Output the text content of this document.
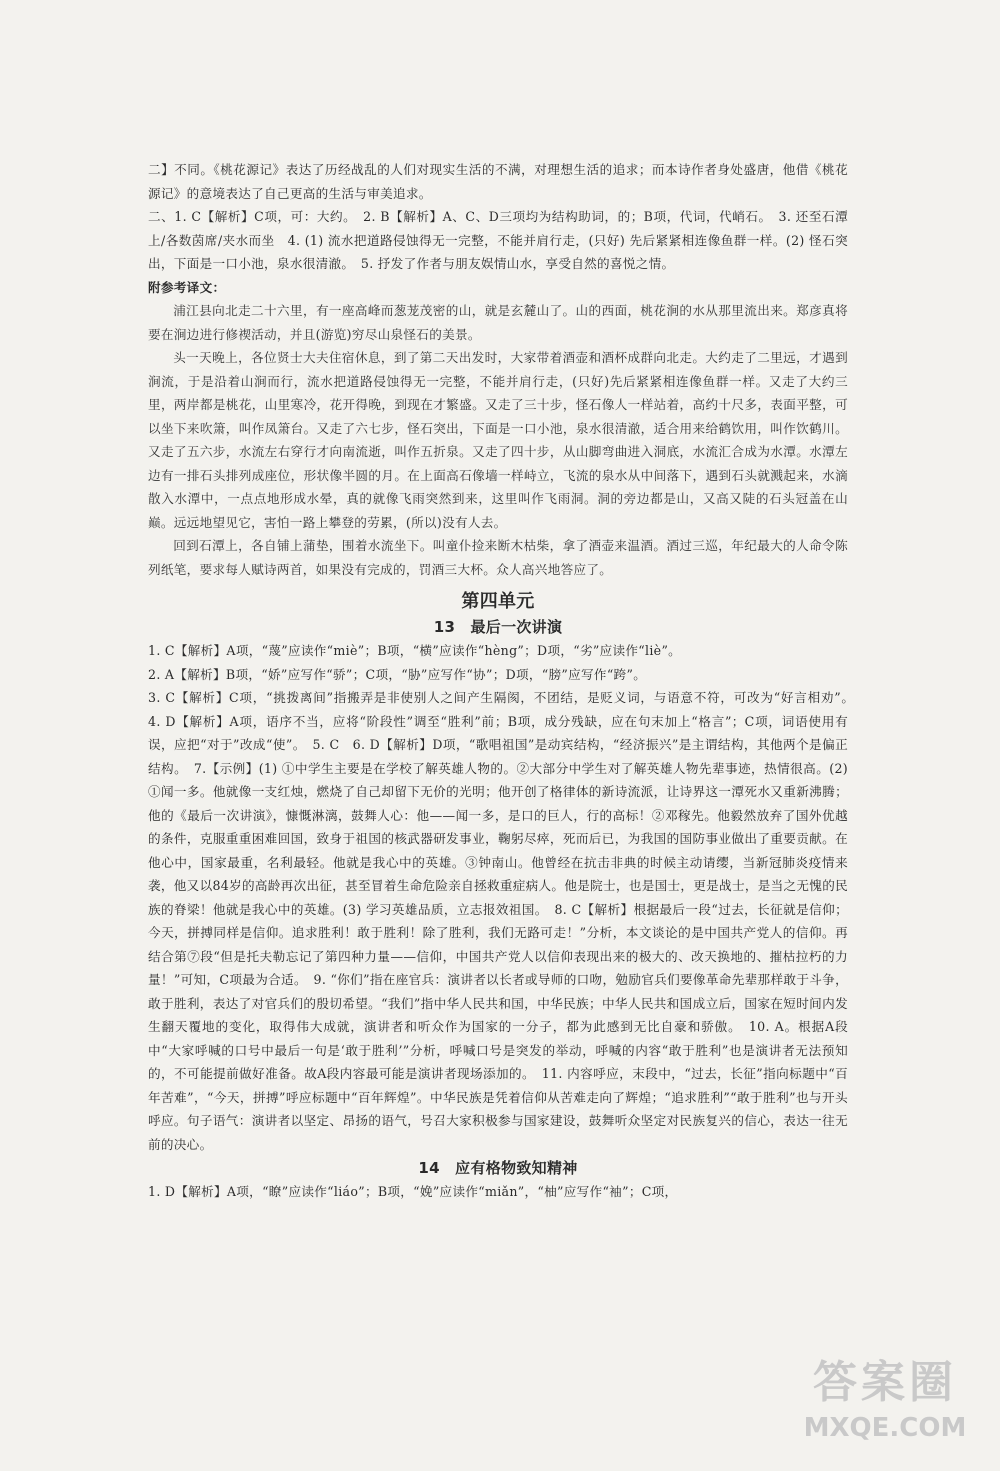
二】不同。《桃花源记》表达了历经战乱的人们对现实生活的不满，对理想生活的追求；而本诗作者身处盛唐，他借《桃花源记》的意境表达了自己更高的生活与审美追求。

二、1. C【解析】C项，可：大约。　2. B【解析】A、C、D三项均为结构助词，的；B项，代词，代峭石。　3. 还至石潭上/各数茵席/夹水而坐　4. (1) 流水把道路侵蚀得无一完整，不能并肩行走，(只好) 先后紧紧相连像鱼群一样。(2) 怪石突出，下面是一口小池，泉水很清澈。　5. 抒发了作者与朋友娱情山水，享受自然的喜悦之情。

附参考译文：

浦江县向北走二十六里，有一座高峰而葱茏茂密的山，就是玄麓山了。山的西面，桃花涧的水从那里流出来。郑彦真将要在涧边进行修禊活动，并且(游览)穷尽山泉怪石的美景。

头一天晚上，各位贤士大夫住宿休息，到了第二天出发时，大家带着酒壶和酒杯成群向北走。大约走了二里远，才遇到涧流，于是沿着山涧而行，流水把道路侵蚀得无一完整，不能并肩行走，(只好)先后紧紧相连像鱼群一样。又走了大约三里，两岸都是桃花，山里寒冷，花开得晚，到现在才繁盛。又走了三十步，怪石像人一样站着，高约十尺多，表面平整，可以坐下来吹箫，叫作凤箫台。又走了六七步，怪石突出，下面是一口小池，泉水很清澈，适合用来给鹤饮用，叫作饮鹤川。又走了五六步，水流左右穿行才向南流逝，叫作五折泉。又走了四十步，从山脚弯曲进入洞底，水流汇合成为水潭。水潭左边有一排石头排列成座位，形状像半圆的月。在上面高石像墙一样峙立，飞流的泉水从中间落下，遇到石头就溅起来，水滴散入水潭中，一点点地形成水晕，真的就像飞雨突然到来，这里叫作飞雨洞。洞的旁边都是山，又高又陡的石头冠盖在山巅。远远地望见它，害怕一路上攀登的劳累，(所以)没有人去。

回到石潭上，各自铺上蒲垫，围着水流坐下。叫童仆捡来断木枯柴，拿了酒壶来温酒。酒过三巡，年纪最大的人命令陈列纸笔，要求每人赋诗两首，如果没有完成的，罚酒三大杯。众人高兴地答应了。

第四单元
13　最后一次讲演

1. C【解析】A项，“蔑”应读作“miè”；B项，“横”应读作“hèng”；D项，“劣”应读作“liè”。

2. A【解析】B项，“娇”应写作“骄”；C项，“胁”应写作“协”；D项，“膀”应写作“跨”。

3. C【解析】C项，“挑拨离间”指搬弄是非使别人之间产生隔阂，不团结，是贬义词，与语意不符，可改为“好言相劝”。　4. D【解析】A项，语序不当，应将“阶段性”调至“胜利”前；B项，成分残缺，应在句末加上“格言”；C项，词语使用有误，应把“对于”改成“使”。　5. C　6. D【解析】D项，“歌唱祖国”是动宾结构，“经济振兴”是主谓结构，其他两个是偏正结构。　7.【示例】(1) ①中学生主要是在学校了解英雄人物的。②大部分中学生对了解英雄人物先辈事迹，热情很高。(2) ①闻一多。他就像一支红烛，燃烧了自己却留下无价的光明；他开创了格律体的新诗流派，让诗界这一潭死水又重新沸腾；他的《最后一次讲演》，慷慨淋漓，鼓舞人心：他——闻一多，是口的巨人，行的高标！②邓稼先。他毅然放弃了国外优越的条件，克服重重困难回国，致身于祖国的核武器研发事业，鞠躬尽瘁，死而后已，为我国的国防事业做出了重要贡献。在他心中，国家最重，名利最轻。他就是我心中的英雄。③钟南山。他曾经在抗击非典的时候主动请缨，当新冠肺炎疫情来袭，他又以84岁的高龄再次出征，甚至冒着生命危险亲自拯救重症病人。他是院士，也是国士，更是战士，是当之无愧的民族的脊梁！他就是我心中的英雄。(3) 学习英雄品质，立志报效祖国。　8. C【解析】根据最后一段“过去，长征就是信仰；今天，拼搏同样是信仰。追求胜利！敢于胜利！除了胜利，我们无路可走！”分析，本文谈论的是中国共产党人的信仰。再结合第⑦段“但是托夫勒忘记了第四种力量——信仰，中国共产党人以信仰表现出来的极大的、改天换地的、摧枯拉朽的力量！”可知，C项最为合适。　9. “你们”指在座官兵：演讲者以长者或导师的口吻，勉励官兵们要像革命先辈那样敢于斗争，敢于胜利，表达了对官兵们的殷切希望。“我们”指中华人民共和国，中华民族；中华人民共和国成立后，国家在短时间内发生翻天覆地的变化，取得伟大成就，演讲者和听众作为国家的一分子，都为此感到无比自豪和骄傲。　10. A。根据A段中“大家呼喊的口号中最后一句是‘敢于胜利’”分析，呼喊口号是突发的举动，呼喊的内容“敢于胜利”也是演讲者无法预知的，不可能提前做好准备。故A段内容最可能是演讲者现场添加的。　11. 内容呼应，末段中，“过去，长征”指向标题中“百年苦难”，“今天，拼搏”呼应标题中“百年辉煌”。中华民族是凭着信仰从苦难走向了辉煌；“追求胜利”“敢于胜利”也与开头呼应。句子语气：演讲者以坚定、昂扬的语气，号召大家积极参与国家建设，鼓舞听众坚定对民族复兴的信心，表达一往无前的决心。

14　应有格物致知精神

1. D【解析】A项，“瞭”应读作“liáo”；B项，“娩”应读作“miǎn”，“柚”应写作“袖”；C项，

答案圈
MXQE.COM
